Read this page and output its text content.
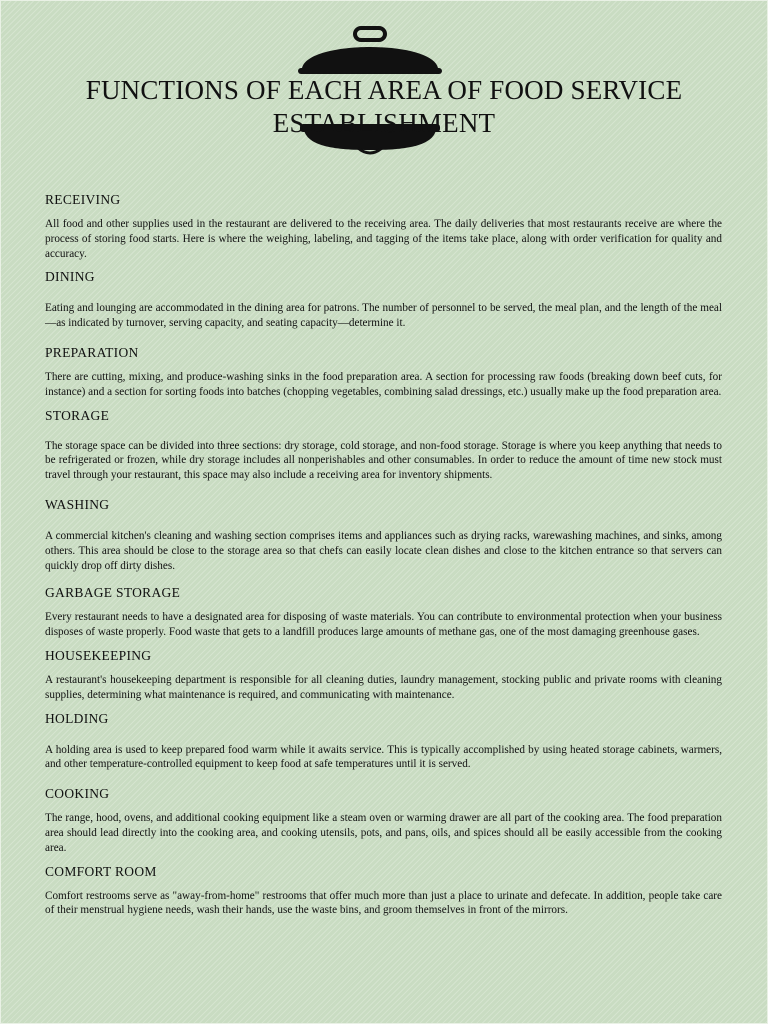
FUNCTIONS OF EACH AREA OF FOOD SERVICE ESTABLISHMENT
RECEIVING

All food and other supplies used in the restaurant are delivered to the receiving area. The daily deliveries that most restaurants receive are where the process of storing food starts. Here is where the weighing, labeling, and tagging of the items take place, along with order verification for quality and accuracy.

DINING

Eating and lounging are accommodated in the dining area for patrons. The number of personnel to be served, the meal plan, and the length of the meal—as indicated by turnover, serving capacity, and seating capacity—determine it.

PREPARATION

There are cutting, mixing, and produce-washing sinks in the food preparation area. A section for processing raw foods (breaking down beef cuts, for instance) and a section for sorting foods into batches (chopping vegetables, combining salad dressings, etc.) usually make up the food preparation area.

STORAGE

The storage space can be divided into three sections: dry storage, cold storage, and non-food storage. Storage is where you keep anything that needs to be refrigerated or frozen, while dry storage includes all nonperishables and other consumables. In order to reduce the amount of time new stock must travel through your restaurant, this space may also include a receiving area for inventory shipments.

WASHING

A commercial kitchen's cleaning and washing section comprises items and appliances such as drying racks, warewashing machines, and sinks, among others. This area should be close to the storage area so that chefs can easily locate clean dishes and close to the kitchen entrance so that servers can quickly drop off dirty dishes.

GARBAGE STORAGE

Every restaurant needs to have a designated area for disposing of waste materials. You can contribute to environmental protection when your business disposes of waste properly. Food waste that gets to a landfill produces large amounts of methane gas, one of the most damaging greenhouse gases.

HOUSEKEEPING

A restaurant's housekeeping department is responsible for all cleaning duties, laundry management, stocking public and private rooms with cleaning supplies, determining what maintenance is required, and communicating with maintenance.

HOLDING

A holding area is used to keep prepared food warm while it awaits service. This is typically accomplished by using heated storage cabinets, warmers, and other temperature-controlled equipment to keep food at safe temperatures until it is served.

COOKING

The range, hood, ovens, and additional cooking equipment like a steam oven or warming drawer are all part of the cooking area. The food preparation area should lead directly into the cooking area, and cooking utensils, pots, and pans, oils, and spices should all be easily accessible from the cooking area.

COMFORT ROOM

Comfort restrooms serve as "away-from-home" restrooms that offer much more than just a place to urinate and defecate. In addition, people take care of their menstrual hygiene needs, wash their hands, use the waste bins, and groom themselves in front of the mirrors.
